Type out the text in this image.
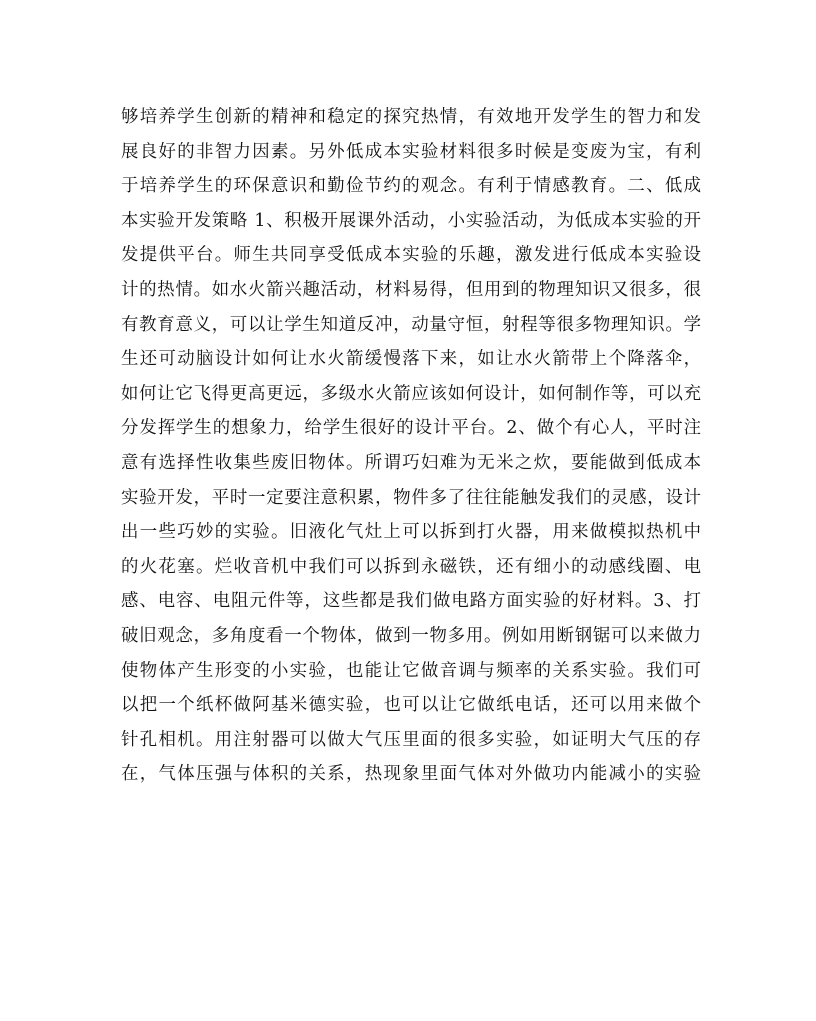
够培养学生创新的精神和稳定的探究热情，有效地开发学生的智力和发
展良好的非智力因素。另外低成本实验材料很多时候是变废为宝，有利
于培养学生的环保意识和勤俭节约的观念。有利于情感教育。二、低成
本实验开发策略 1、积极开展课外活动，小实验活动，为低成本实验的开
发提供平台。师生共同享受低成本实验的乐趣，激发进行低成本实验设
计的热情。如水火箭兴趣活动，材料易得，但用到的物理知识又很多，很
有教育意义，可以让学生知道反冲，动量守恒，射程等很多物理知识。学
生还可动脑设计如何让水火箭缓慢落下来，如让水火箭带上个降落伞，
如何让它飞得更高更远，多级水火箭应该如何设计，如何制作等，可以充
分发挥学生的想象力，给学生很好的设计平台。2、做个有心人，平时注
意有选择性收集些废旧物体。所谓巧妇难为无米之炊，要能做到低成本
实验开发，平时一定要注意积累，物件多了往往能触发我们的灵感，设计
出一些巧妙的实验。旧液化气灶上可以拆到打火器，用来做模拟热机中
的火花塞。烂收音机中我们可以拆到永磁铁，还有细小的动感线圈、电
感、电容、电阻元件等，这些都是我们做电路方面实验的好材料。3、打
破旧观念，多角度看一个物体，做到一物多用。例如用断钢锯可以来做力
使物体产生形变的小实验，也能让它做音调与频率的关系实验。我们可
以把一个纸杯做阿基米德实验，也可以让它做纸电话，还可以用来做个
针孔相机。用注射器可以做大气压里面的很多实验，如证明大气压的存
在，气体压强与体积的关系，热现象里面气体对外做功内能减小的实验
